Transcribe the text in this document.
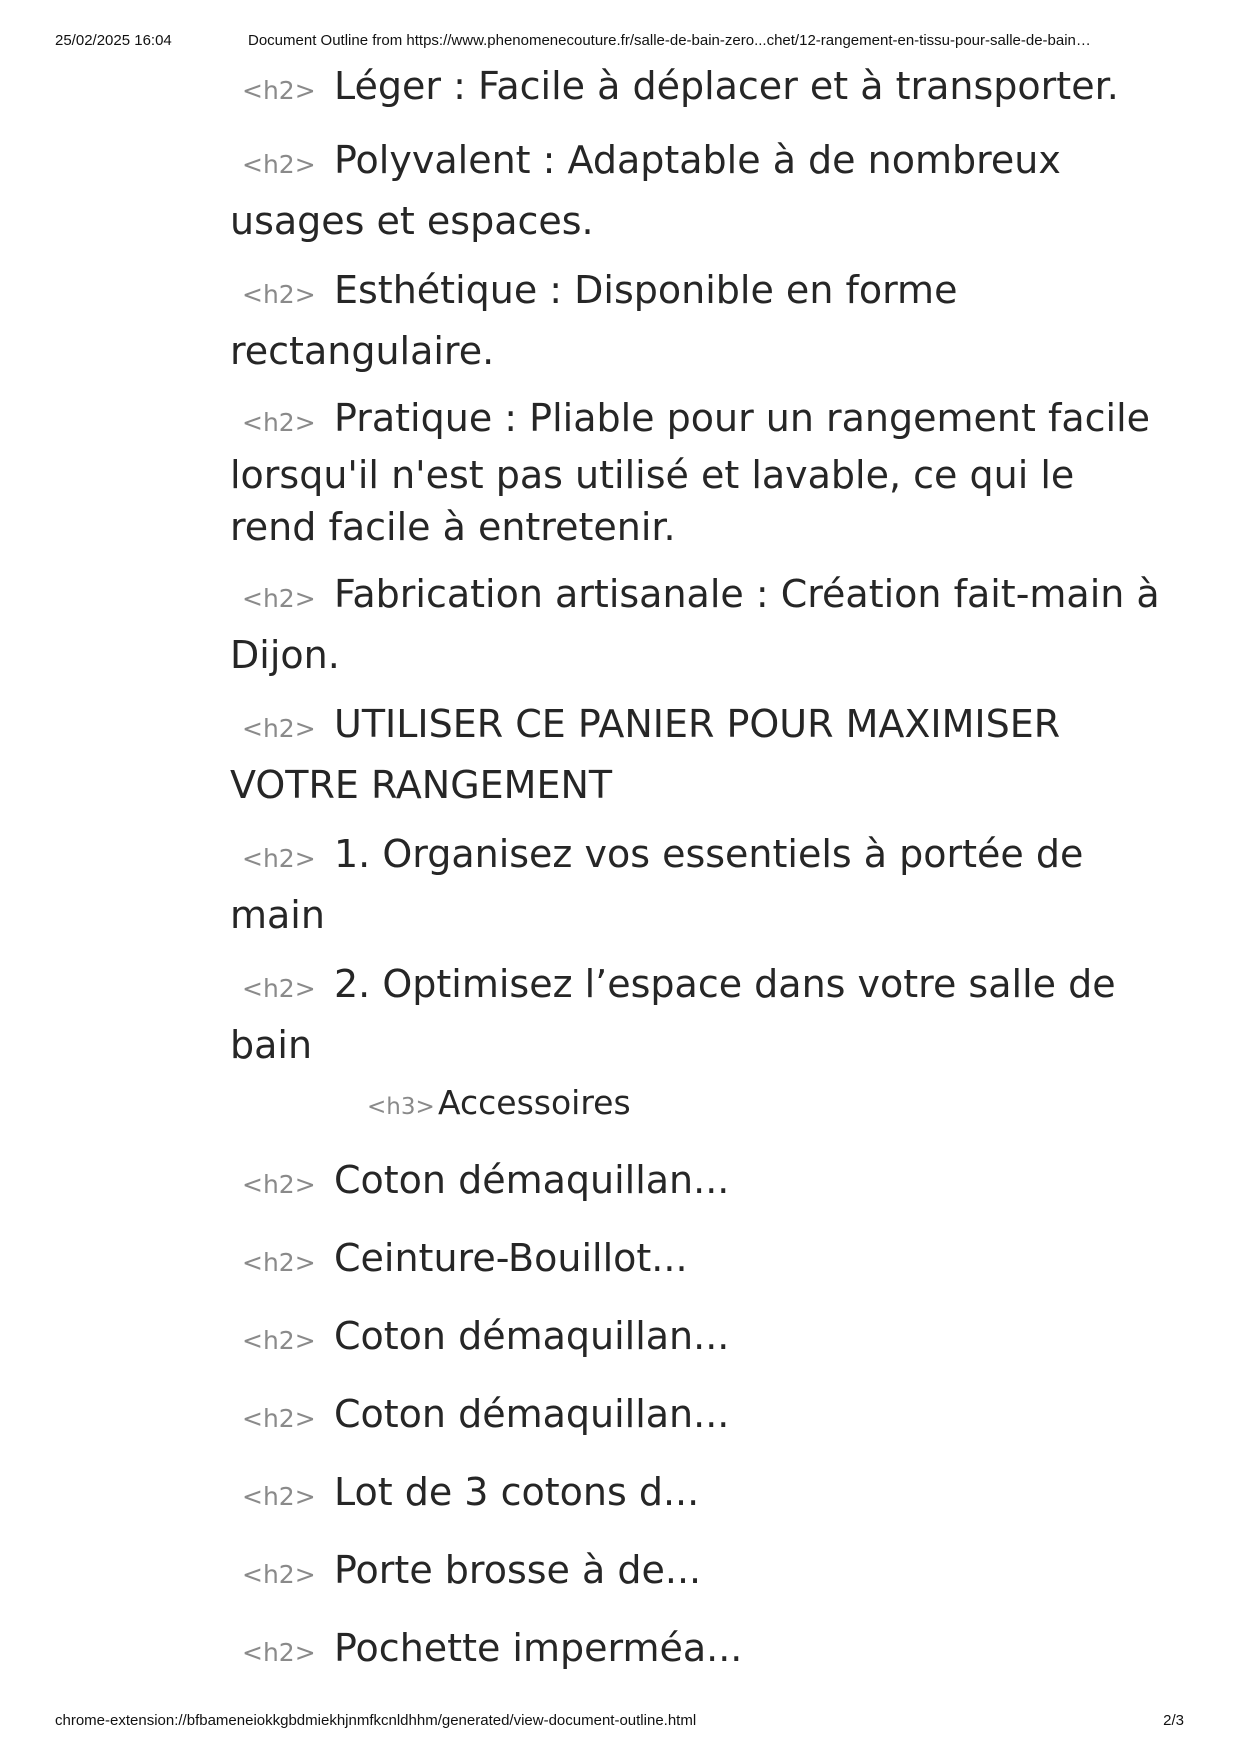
25/02/2025 16:04	Document Outline from https://www.phenomenecouture.fr/salle-de-bain-zero...chet/12-rangement-en-tissu-pour-salle-de-bain…
<h2> Léger : Facile à déplacer et à transporter.
<h2> Polyvalent : Adaptable à de nombreux usages et espaces.
<h2> Esthétique : Disponible en forme rectangulaire.
<h2> Pratique : Pliable pour un rangement facile lorsqu'il n'est pas utilisé et lavable, ce qui le rend facile à entretenir.
<h2> Fabrication artisanale : Création fait-main à Dijon.
<h2> UTILISER CE PANIER POUR MAXIMISER VOTRE RANGEMENT
<h2> 1. Organisez vos essentiels à portée de main
<h2> 2. Optimisez l’espace dans votre salle de bain
<h3>Accessoires
<h2> Coton démaquillan...
<h2> Ceinture-Bouillot...
<h2> Coton démaquillan...
<h2> Coton démaquillan...
<h2> Lot de 3 cotons d...
<h2> Porte brosse à de...
<h2> Pochette imperméa...
chrome-extension://bfbameneiokkgbdmiekhjnmfkcnldhhm/generated/view-document-outline.html	2/3
